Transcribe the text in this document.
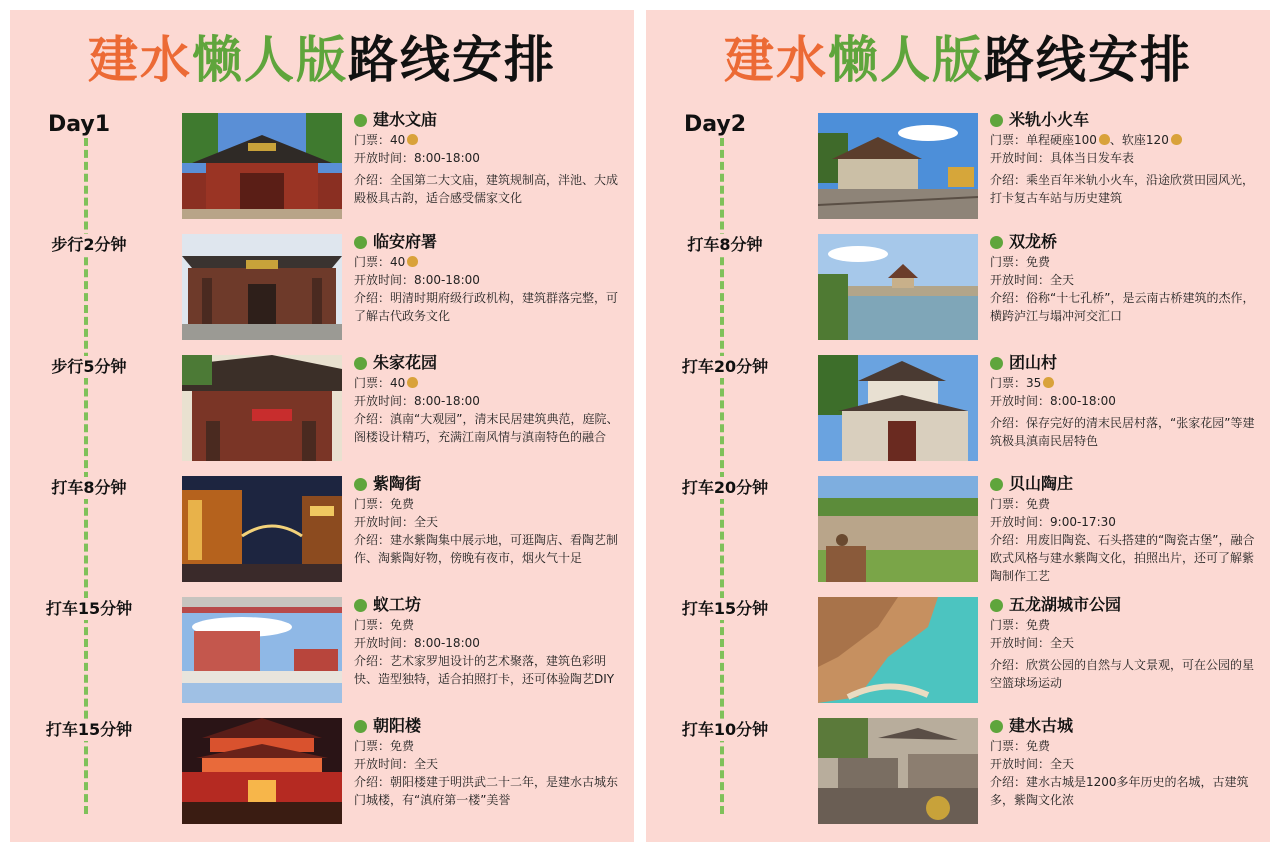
建水懒人版路线安排
Day1	建水文庙
门票：40
开放时间：8:00-18:00
介绍：全国第二大文庙，建筑规制高，泮池、大成殿极具古韵，适合感受儒家文化
步行2分钟	临安府署
门票：40
开放时间：8:00-18:00
介绍：明清时期府级行政机构，建筑群落完整，可了解古代政务文化
步行5分钟	朱家花园
门票：40
开放时间：8:00-18:00
介绍：滇南“大观园”，清末民居建筑典范，庭院、阁楼设计精巧，充满江南风情与滇南特色的融合
打车8分钟	紫陶街
门票：免费
开放时间：全天
介绍：建水紫陶集中展示地，可逛陶店、看陶艺制作、淘紫陶好物，傍晚有夜市，烟火气十足
打车15分钟	蚁工坊
门票：免费
开放时间：8:00-18:00
介绍：艺术家罗旭设计的艺术聚落，建筑色彩明快、造型独特，适合拍照打卡，还可体验陶艺DIY
打车15分钟	朝阳楼
门票：免费
开放时间：全天
介绍：朝阳楼建于明洪武二十二年，是建水古城东门城楼，有“滇府第一楼”美誉
建水懒人版路线安排
Day2	米轨小火车
门票：单程硬座100 、软座120
开放时间：具体当日发车表
介绍：乘坐百年米轨小火车，沿途欣赏田园风光，打卡复古车站与历史建筑
打车8分钟	双龙桥
门票：免费
开放时间：全天
介绍：俗称“十七孔桥”，是云南古桥建筑的杰作，横跨泸江与塌冲河交汇口
打车20分钟	团山村
门票：35
开放时间：8:00-18:00
介绍：保存完好的清末民居村落，“张家花园”等建筑极具滇南民居特色
打车20分钟	贝山陶庄
门票：免费
开放时间：9:00-17:30
介绍：用废旧陶瓷、石头搭建的“陶瓷古堡”，融合欧式风格与建水紫陶文化，拍照出片，还可了解紫陶制作工艺
打车15分钟	五龙湖城市公园
门票：免费
开放时间：全天
介绍：欣赏公园的自然与人文景观，可在公园的星空篮球场运动
打车10分钟	建水古城
门票：免费
开放时间：全天
介绍：建水古城是1200多年历史的名城，古建筑多，紫陶文化浓
